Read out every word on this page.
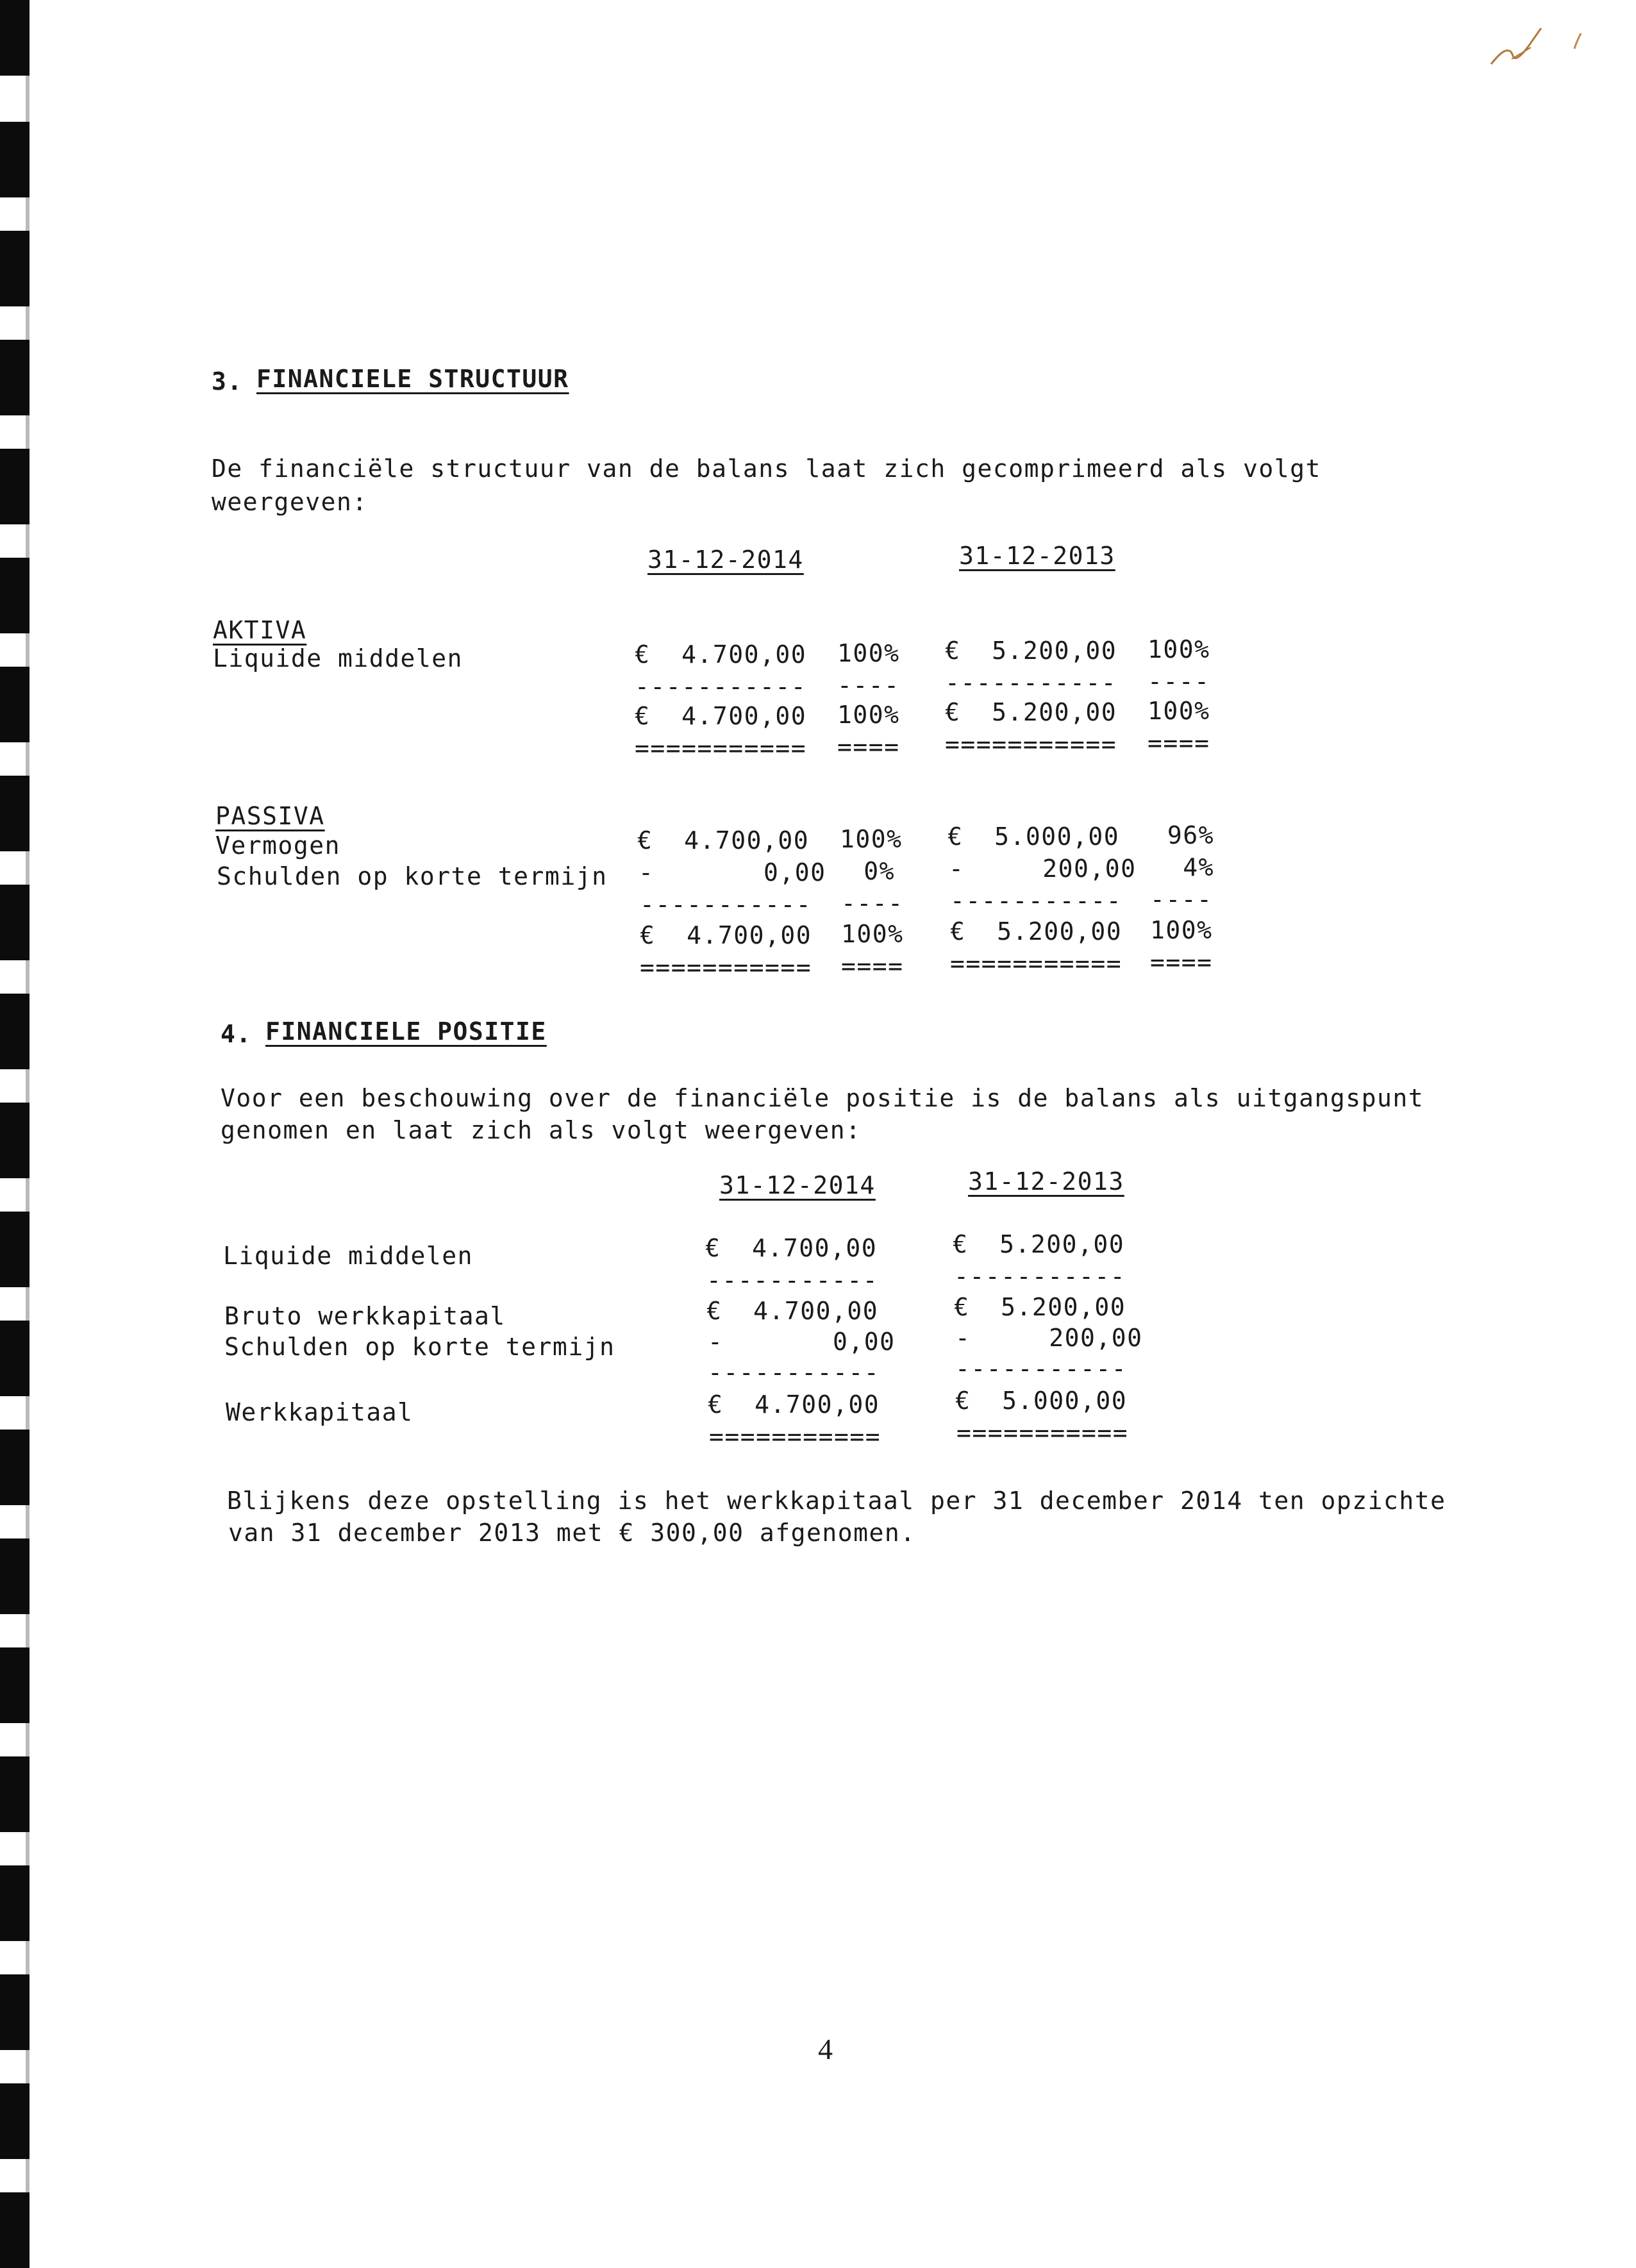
3. FINANCIELE STRUCTUUR
De financiële structuur van de balans laat zich gecomprimeerd als volgt
weergeven:
31-12-2014	31-12-2013
AKTIVA
Liquide middelen	€  4.700,00 100% €  5.200,00 100%
----------- ---- ----------- ----
€  4.700,00 100% €  5.200,00 100%
=========== ==== =========== ====
PASSIVA
Vermogen	€  4.700,00 100% €  5.000,00	96%
Schulden op korte termijn -       0,00	0% -     200,00	4%
----------- ---- ----------- ----
€  4.700,00 100% €  5.200,00 100%
=========== ==== =========== ====
4. FINANCIELE POSITIE
Voor een beschouwing over de financiële positie is de balans als uitgangspunt
genomen en laat zich als volgt weergeven:
31-12-2014	31-12-2013
Liquide middelen	€  4.700,00	€  5.200,00
-----------	-----------
Bruto werkkapitaal	€  4.700,00	€  5.200,00
Schulden op korte termijn	-       0,00 -     200,00
-----------	-----------
Werkkapitaal	€  4.700,00	€  5.000,00
===========	===========
Blijkens deze opstelling is het werkkapitaal per 31 december 2014 ten opzichte
van 31 december 2013 met € 300,00 afgenomen.
4
